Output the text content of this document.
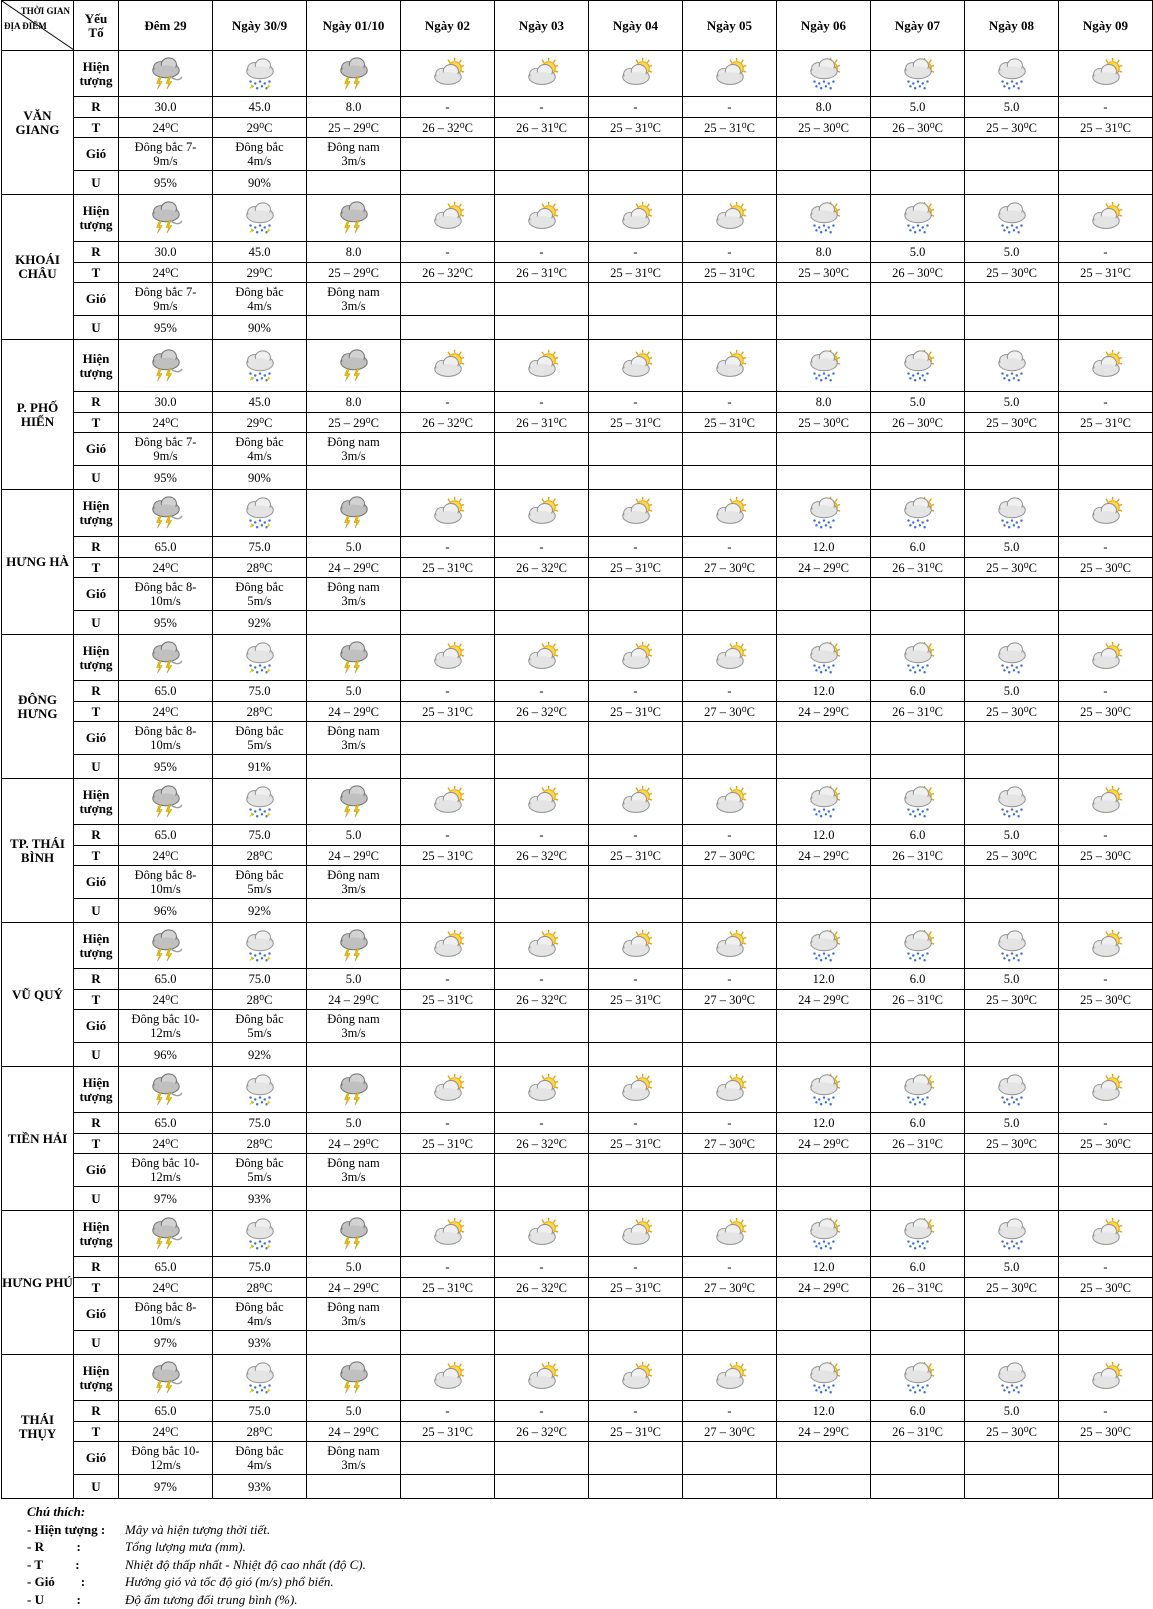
THỜI GIAN
ĐỊA ĐIỂM	Yếu Tố	Đêm 29	Ngày 30/9	Ngày 01/10	Ngày 02	Ngày 03	Ngày 04	Ngày 05	Ngày 06	Ngày 07	Ngày 08	Ngày 09
VĂN GIANG	Hiện tượng											
	R	30.0	45.0	8.0	-	-	-	-	8.0	5.0	5.0	-
	T	24⁰C	29⁰C	25 – 29⁰C	26 – 32⁰C	26 – 31⁰C	25 – 31⁰C	25 – 31⁰C	25 – 30⁰C	26 – 30⁰C	25 – 30⁰C	25 – 31⁰C
	Gió	Đông bắc 7-9m/s	Đông bắc 4m/s	Đông nam 3m/s								
	U	95%	90%									
KHOÁI CHÂU	Hiện tượng											
	R	30.0	45.0	8.0	-	-	-	-	8.0	5.0	5.0	-
	T	24⁰C	29⁰C	25 – 29⁰C	26 – 32⁰C	26 – 31⁰C	25 – 31⁰C	25 – 31⁰C	25 – 30⁰C	26 – 30⁰C	25 – 30⁰C	25 – 31⁰C
	Gió	Đông bắc 7-9m/s	Đông bắc 4m/s	Đông nam 3m/s								
	U	95%	90%									
P. PHỐ HIẾN	Hiện tượng											
	R	30.0	45.0	8.0	-	-	-	-	8.0	5.0	5.0	-
	T	24⁰C	29⁰C	25 – 29⁰C	26 – 32⁰C	26 – 31⁰C	25 – 31⁰C	25 – 31⁰C	25 – 30⁰C	26 – 30⁰C	25 – 30⁰C	25 – 31⁰C
	Gió	Đông bắc 7-9m/s	Đông bắc 4m/s	Đông nam 3m/s								
	U	95%	90%									
HƯNG HÀ	Hiện tượng											
	R	65.0	75.0	5.0	-	-	-	-	12.0	6.0	5.0	-
	T	24⁰C	28⁰C	24 – 29⁰C	25 – 31⁰C	26 – 32⁰C	25 – 31⁰C	27 – 30⁰C	24 – 29⁰C	26 – 31⁰C	25 – 30⁰C	25 – 30⁰C
	Gió	Đông bắc 8-10m/s	Đông bắc 5m/s	Đông nam 3m/s								
	U	95%	92%									
ĐÔNG HƯNG	Hiện tượng											
	R	65.0	75.0	5.0	-	-	-	-	12.0	6.0	5.0	-
	T	24⁰C	28⁰C	24 – 29⁰C	25 – 31⁰C	26 – 32⁰C	25 – 31⁰C	27 – 30⁰C	24 – 29⁰C	26 – 31⁰C	25 – 30⁰C	25 – 30⁰C
	Gió	Đông bắc 8-10m/s	Đông bắc 5m/s	Đông nam 3m/s								
	U	95%	91%									
TP. THÁI BÌNH	Hiện tượng											
	R	65.0	75.0	5.0	-	-	-	-	12.0	6.0	5.0	-
	T	24⁰C	28⁰C	24 – 29⁰C	25 – 31⁰C	26 – 32⁰C	25 – 31⁰C	27 – 30⁰C	24 – 29⁰C	26 – 31⁰C	25 – 30⁰C	25 – 30⁰C
	Gió	Đông bắc 8-10m/s	Đông bắc 5m/s	Đông nam 3m/s								
	U	96%	92%									
VŨ QUÝ	Hiện tượng											
	R	65.0	75.0	5.0	-	-	-	-	12.0	6.0	5.0	-
	T	24⁰C	28⁰C	24 – 29⁰C	25 – 31⁰C	26 – 32⁰C	25 – 31⁰C	27 – 30⁰C	24 – 29⁰C	26 – 31⁰C	25 – 30⁰C	25 – 30⁰C
	Gió	Đông bắc 10-12m/s	Đông bắc 5m/s	Đông nam 3m/s								
	U	96%	92%									
TIỀN HẢI	Hiện tượng											
	R	65.0	75.0	5.0	-	-	-	-	12.0	6.0	5.0	-
	T	24⁰C	28⁰C	24 – 29⁰C	25 – 31⁰C	26 – 32⁰C	25 – 31⁰C	27 – 30⁰C	24 – 29⁰C	26 – 31⁰C	25 – 30⁰C	25 – 30⁰C
	Gió	Đông bắc 10-12m/s	Đông bắc 5m/s	Đông nam 3m/s								
	U	97%	93%									
HƯNG PHÚ	Hiện tượng											
	R	65.0	75.0	5.0	-	-	-	-	12.0	6.0	5.0	-
	T	24⁰C	28⁰C	24 – 29⁰C	25 – 31⁰C	26 – 32⁰C	25 – 31⁰C	27 – 30⁰C	24 – 29⁰C	26 – 31⁰C	25 – 30⁰C	25 – 30⁰C
	Gió	Đông bắc 8-10m/s	Đông bắc 4m/s	Đông nam 3m/s								
	U	97%	93%									
THÁI THỤY	Hiện tượng											
	R	65.0	75.0	5.0	-	-	-	-	12.0	6.0	5.0	-
	T	24⁰C	28⁰C	24 – 29⁰C	25 – 31⁰C	26 – 32⁰C	25 – 31⁰C	27 – 30⁰C	24 – 29⁰C	26 – 31⁰C	25 – 30⁰C	25 – 30⁰C
	Gió	Đông bắc 10-12m/s	Đông bắc 4m/s	Đông nam 3m/s								
	U	97%	93%									
Chú thích:
- Hiện tượng : Mây và hiện tượng thời tiết.
- R          :	Tổng lượng mưa (mm).
- T          :	Nhiệt độ thấp nhất - Nhiệt độ cao nhất (độ C).
- Gió        :	Hướng gió và tốc độ gió (m/s) phổ biến.
- U          :	Độ ẩm tương đối trung bình (%).
